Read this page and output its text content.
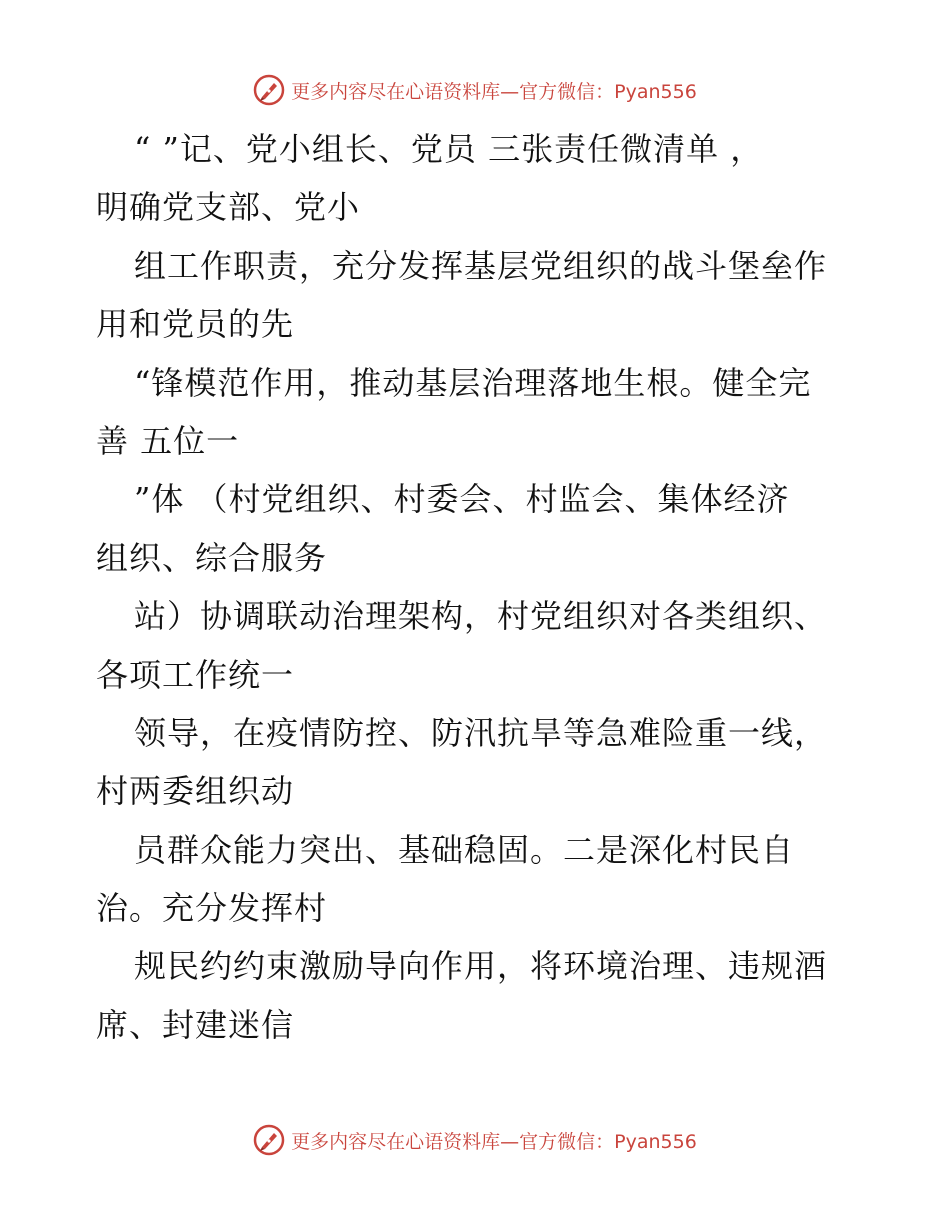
更多内容尽在心语资料库—官方微信：Pyan556
“ ”记、党小组长、党员 三张责任微清单 ，
明确党支部、党小
组工作职责，充分发挥基层党组织的战斗堡垒作
用和党员的先
“锋模范作用，推动基层治理落地生根。健全完
善 五位一
”体 （村党组织、村委会、村监会、集体经济
组织、综合服务
站）协调联动治理架构，村党组织对各类组织、
各项工作统一
领导，在疫情防控、防汛抗旱等急难险重一线，
村两委组织动
员群众能力突出、基础稳固。二是深化村民自
治。充分发挥村
规民约约束激励导向作用，将环境治理、违规酒
席、封建迷信
更多内容尽在心语资料库—官方微信：Pyan556
